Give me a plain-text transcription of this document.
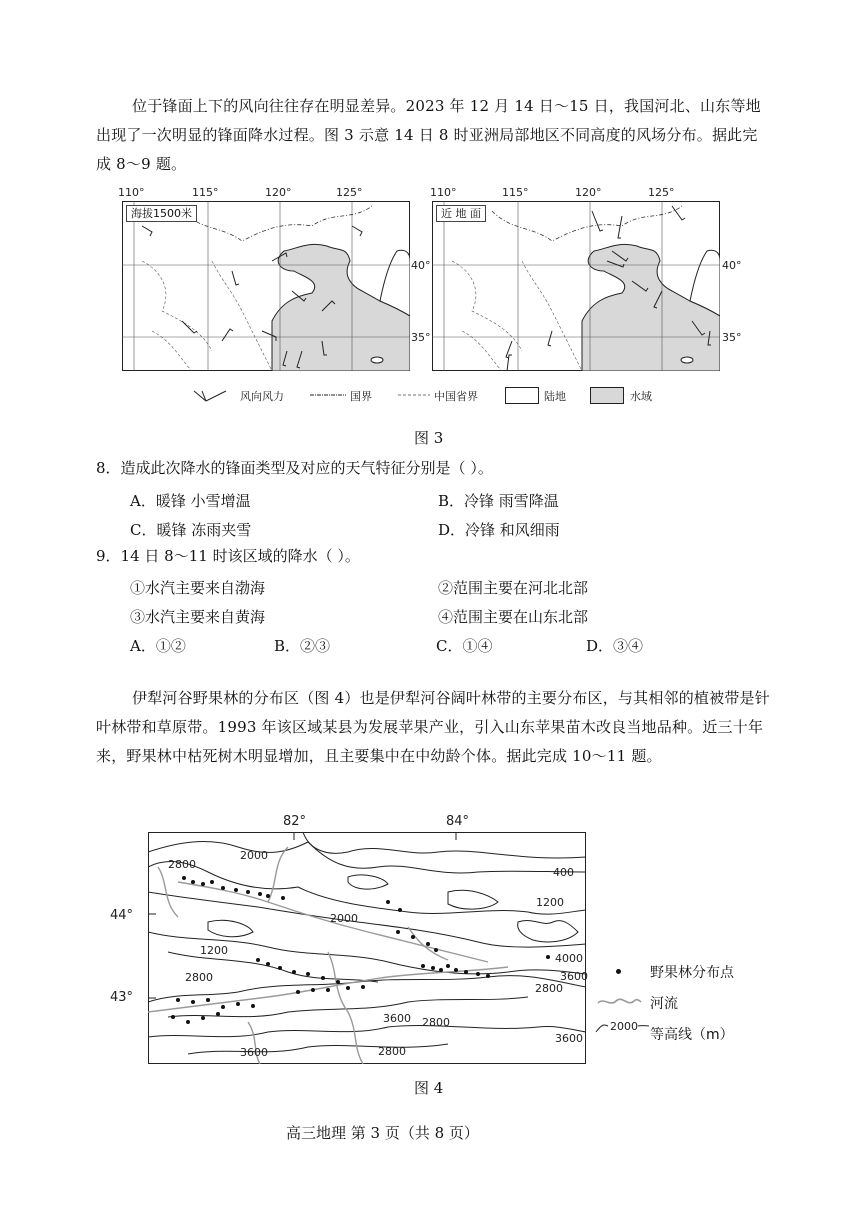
位于锋面上下的风向往往存在明显差异。2023 年 12 月 14 日～15 日，我国河北、山东等地出现了一次明显的锋面降水过程。图 3 示意 14 日 8 时亚洲局部地区不同高度的风场分布。据此完成 8～9 题。
110°	115°	120°	125°	110°	115°	120°	125°
海拔1500米
40°
35°
近 地 面
40°
35°
风向风力	国界	中国省界	陆地	水域
图 3
8．造成此次降水的锋面类型及对应的天气特征分别是（ ）。
A．暖锋 小雪增温	B．冷锋 雨雪降温
C．暖锋 冻雨夹雪	D．冷锋 和风细雨
9．14 日 8～11 时该区域的降水（ ）。
①水汽主要来自渤海	②范围主要在河北北部
③水汽主要来自黄海	④范围主要在山东北部
A．①②	B．②③	C．①④	D．③④
伊犁河谷野果林的分布区（图 4）也是伊犁河谷阔叶林带的主要分布区，与其相邻的植被带是针叶林带和草原带。1993 年该区域某县为发展苹果产业，引入山东苹果苗木改良当地品种。近三十年来，野果林中枯死树木明显增加，且主要集中在中幼龄个体。据此完成 10～11 题。
82°	84°
44°
43°
2800
2000
400
1200
2000
1200
2800
4000
3600
2800
3600 2800
3600
2800
3600
野果林分布点
河流
2000
等高线（m）
图 4
高三地理 第 3 页（共 8 页）
